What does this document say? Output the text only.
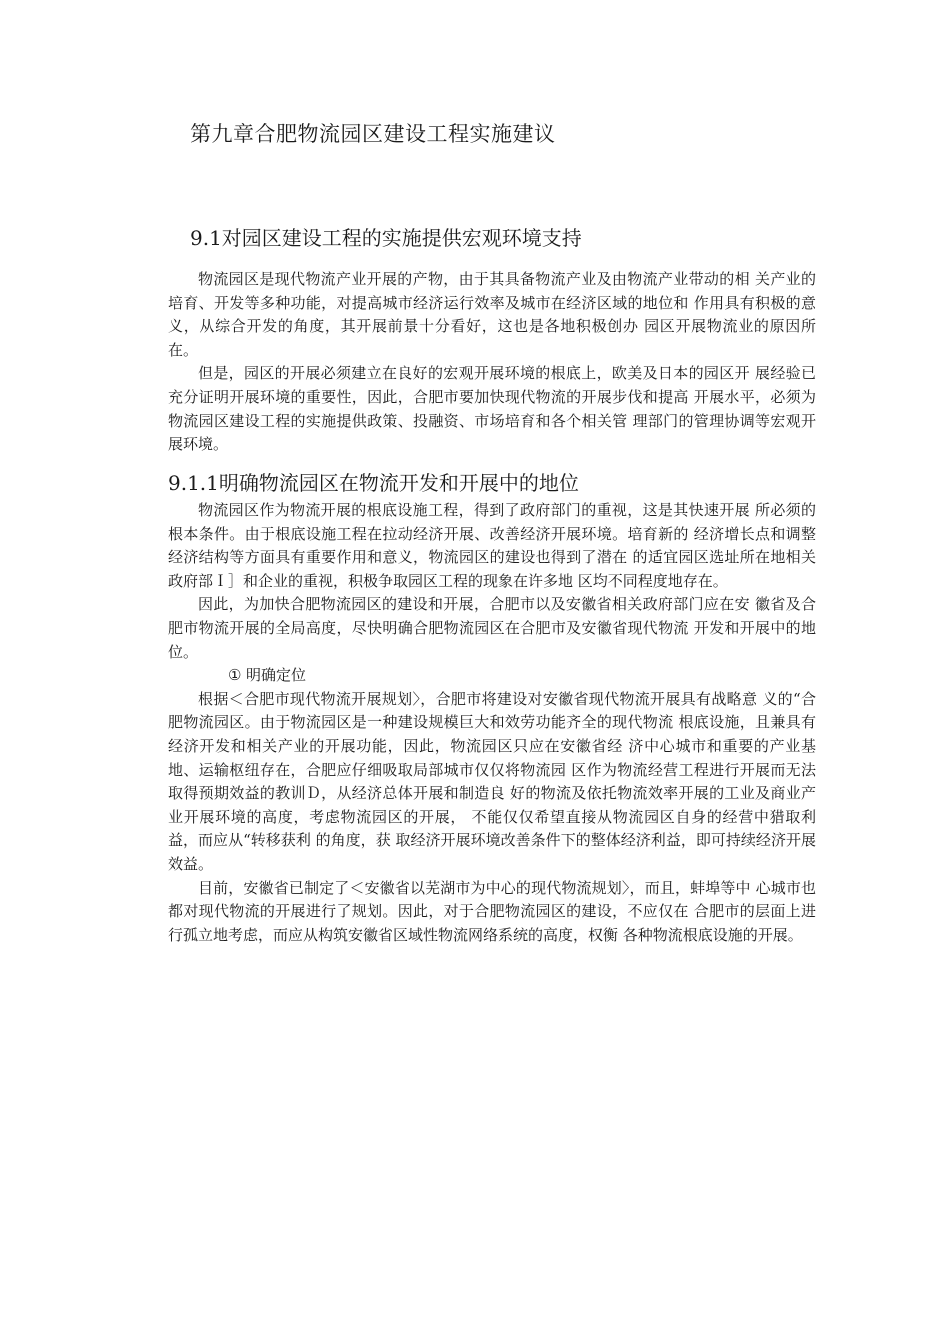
第九章合肥物流园区建设工程实施建议
9.1对园区建设工程的实施提供宏观环境支持

物流园区是现代物流产业开展的产物，由于其具备物流产业及由物流产业带动的相 关产业的培育、开发等多种功能，对提高城市经济运行效率及城市在经济区域的地位和 作用具有积极的意义，从综合开发的角度，其开展前景十分看好，这也是各地积极创办 园区开展物流业的原因所在。

但是，园区的开展必须建立在良好的宏观开展环境的根底上，欧美及日本的园区开 展经验已充分证明开展环境的重要性，因此，合肥市要加快现代物流的开展步伐和提高 开展水平，必须为物流园区建设工程的实施提供政策、投融资、市场培育和各个相关管 理部门的管理协调等宏观开展环境。

9.1.1明确物流园区在物流开发和开展中的地位

物流园区作为物流开展的根底设施工程，得到了政府部门的重视，这是其快速开展 所必须的根本条件。由于根底设施工程在拉动经济开展、改善经济开展环境。培育新的 经济增长点和调整经济结构等方面具有重要作用和意义，物流园区的建设也得到了潜在 的适宜园区选址所在地相关政府部Ｉ］和企业的重视，积极争取园区工程的现象在许多地 区均不同程度地存在。

因此，为加快合肥物流园区的建设和开展，合肥市以及安徽省相关政府部门应在安 徽省及合肥市物流开展的全局高度，尽快明确合肥物流园区在合肥市及安徽省现代物流 开发和开展中的地位。

① 明确定位

根据＜合肥市现代物流开展规划〉，合肥市将建设对安徽省现代物流开展具有战略意 义的“合肥物流园区。由于物流园区是一种建设规模巨大和效劳功能齐全的现代物流 根底设施，且兼具有经济开发和相关产业的开展功能，因此，物流园区只应在安徽省经 济中心城市和重要的产业基地、运输枢纽存在，合肥应仔细吸取局部城市仅仅将物流园 区作为物流经营工程进行开展而无法取得预期效益的教训Ｄ，从经济总体开展和制造良 好的物流及依托物流效率开展的工业及商业产业开展环境的高度，考虑物流园区的开展， 不能仅仅希望直接从物流园区自身的经营中猎取利益，而应从“转移获利 的角度，获 取经济开展环境改善条件下的整体经济利益，即可持续经济开展效益。

目前，安徽省已制定了＜安徽省以芜湖市为中心的现代物流规划〉，而且，蚌埠等中 心城市也都对现代物流的开展进行了规划。因此，对于合肥物流园区的建设，不应仅在 合肥市的层面上进行孤立地考虑，而应从构筑安徽省区域性物流网络系统的高度，权衡 各种物流根底设施的开展。
